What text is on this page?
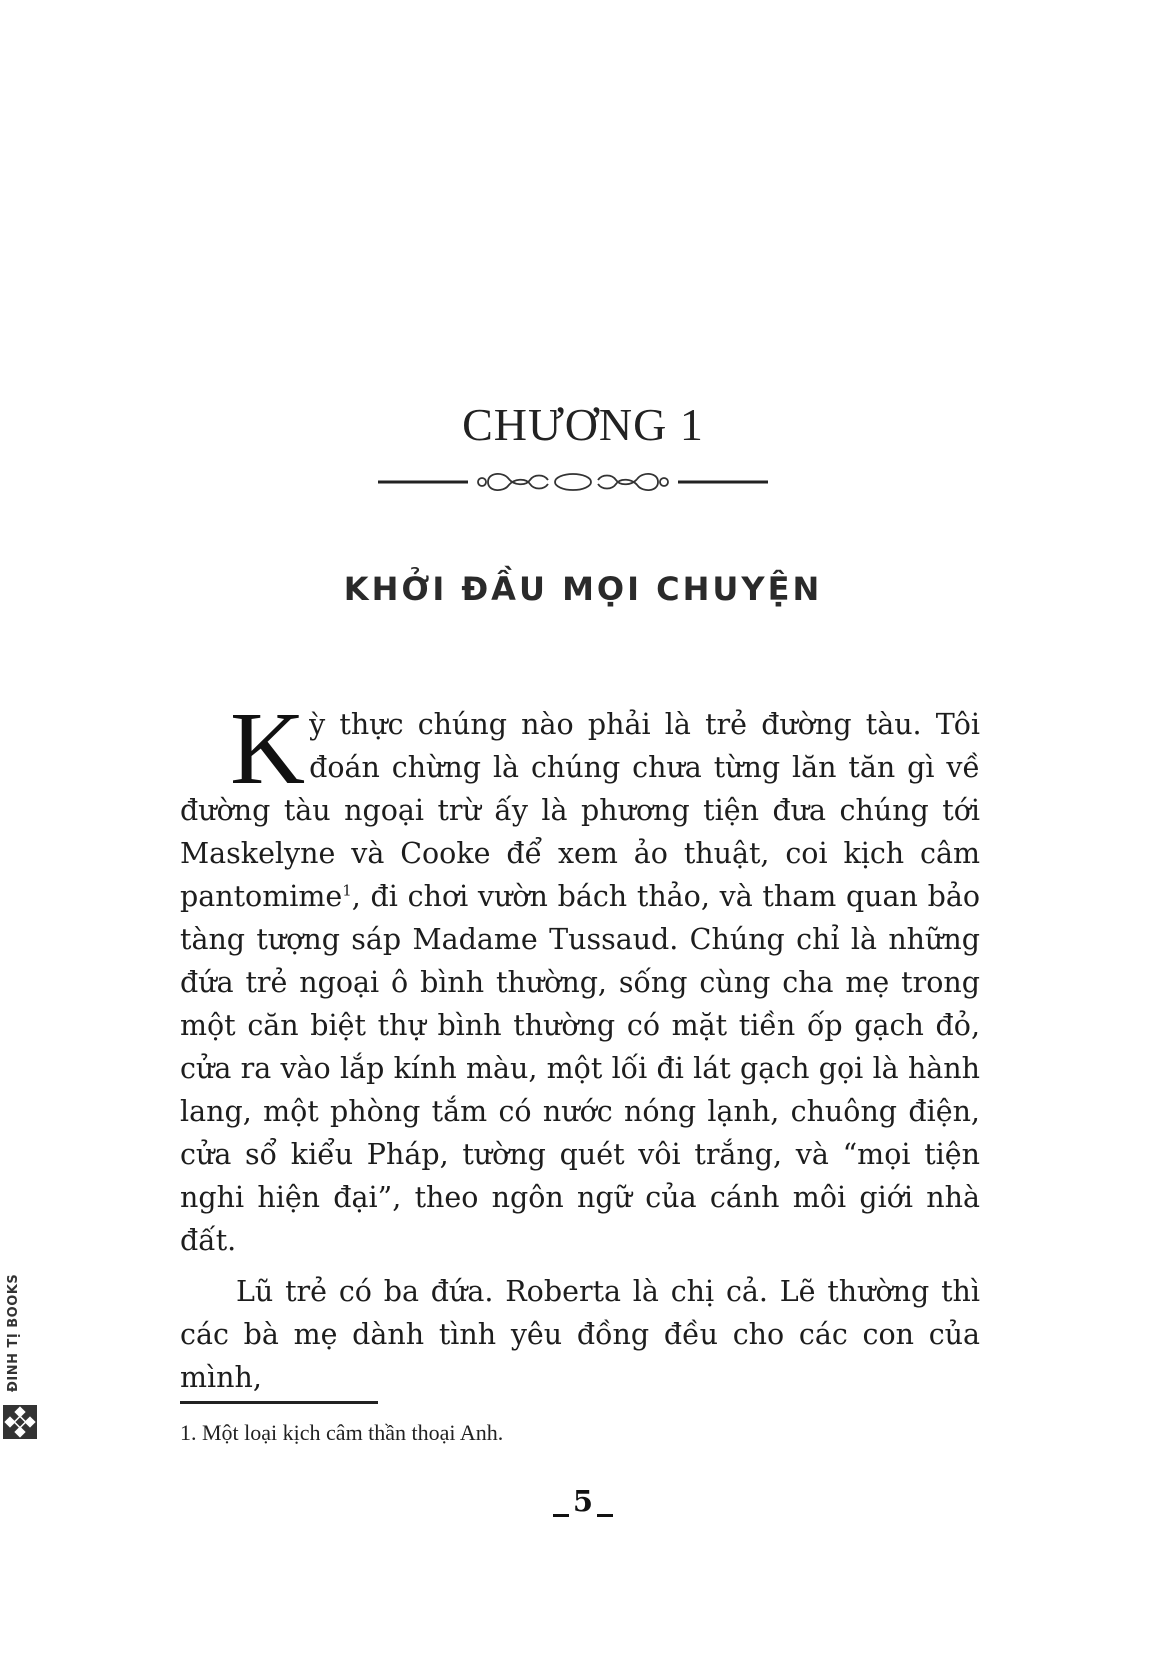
CHƯƠNG 1
KHỞI ĐẦU MỌI CHUYỆN

Kỳ thực chúng nào phải là trẻ đường tàu. Tôi đoán chừng là chúng chưa từng lăn tăn gì về đường tàu ngoại trừ ấy là phương tiện đưa chúng tới Maskelyne và Cooke để xem ảo thuật, coi kịch câm pantomime$^1$, đi chơi vườn bách thảo, và tham quan bảo tàng tượng sáp Madame Tussaud. Chúng chỉ là những đứa trẻ ngoại ô bình thường, sống cùng cha mẹ trong một căn biệt thự bình thường có mặt tiền ốp gạch đỏ, cửa ra vào lắp kính màu, một lối đi lát gạch gọi là hành lang, một phòng tắm có nước nóng lạnh, chuông điện, cửa sổ kiểu Pháp, tường quét vôi trắng, và “mọi tiện nghi hiện đại”, theo ngôn ngữ của cánh môi giới nhà đất.

Lũ trẻ có ba đứa. Roberta là chị cả. Lẽ thường thì các bà mẹ dành tình yêu đồng đều cho các con của mình,

1. Một loại kịch câm thần thoại Anh.
5
ĐINH TỊ BOOKS
